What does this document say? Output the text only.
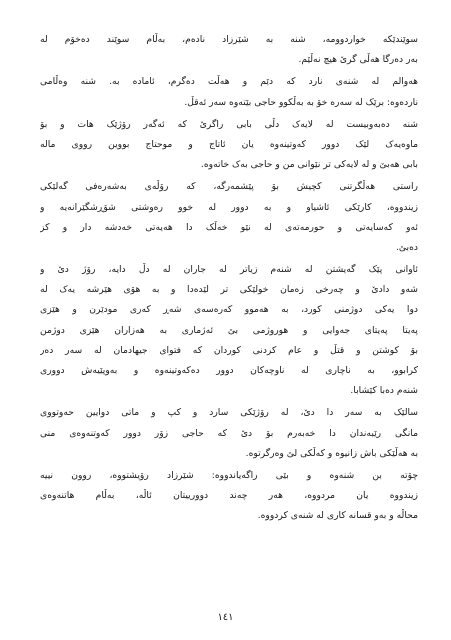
سوێندێکە خواردوومە، شنە بە شێرزاد نادەم، بەڵام سوێند دەخۆم لە
بەر دەرگا هەڵی گرێ هیچ نەڵێم.
هەوالم لە شنەی نارد کە دێم و هەڵت دەگرم، ئامادە بە. شنە وەڵامی
ناردەوە: برێک لە سەرە خۆ بە بەڵکوو حاجی بێتەوە سەر ئەقڵ.
شنە دەبەوبیست لە لایەک دڵی بابی راگرێ کە ئەگەر رۆژێک هات و بۆ
ماوەیەک لێک دوور کەوتینەوە یان ئاتاج و موحتاج بووین رووی مالە
بابی هەبێ و لە لایەکی تر نێوانی من و حاجی بەک خاتەوە.
راستی هەڵگرتنی کچیش بۆ پێشمەرگە، کە رۆڵەی بەشەرەفی گەلێکی
زیندووە، کارێکی ئاشیاو و بە دوور لە خوو رەوشتی شۆڕشگێرانەیە و
ئەو کەسایەتی و حورمەتەی لە نێو خەڵک دا هەیەتی خەدشە دار و کز
دەبێ.
ئاوانی پێک گەیشتن لە شنەم زیاتر لە جاران لە دڵ دایە، رۆژ دێ و
شەو دادێ و چەرخی زەمان خولێکی تر لێدەدا و بە هۆی هێرشە یەک لە
دوا یەکی دوژمنی کورد، بە هەموو کەرەسەی شەڕ کەری مودێرن و هێزی
پەیتا پەیتای جەوایی و هوروژمی بێ ئەژماری بە هەزاران هێزی دوژمن
بۆ کوشتن و قتڵ و عام کردنی کوردان کە فتوای جیهادمان لە سەر دەر
کرابوو، بە ناچاری لە ناوچەکان دوور دەکەوتینەوە و بەوپێیەش دووری
شنەم دەبا کێشابا.
سالێک بە سەر دا دێ، لە رۆژێکی سارد و کپ و ماتی دوایین حەوتووی
مانگی رێبەندان دا خەبەرم بۆ دێ کە حاجی زۆر دوور کەوتنەوەی منی
بە هەڵێکی باش زانیوە و کەڵکی لێ وەرگرتوە.
چۆتە بن شنەوە و بێی راگەیاندووە: شێرزاد رۆیشتووە، روون نییە
زیندووە یان مردووە، هەر چەند دوورییتان ئاڵە، بەڵام هاتنەوەی
محاڵە و بەو قسانە کاری لە شنەی کردووە.
١٤١
